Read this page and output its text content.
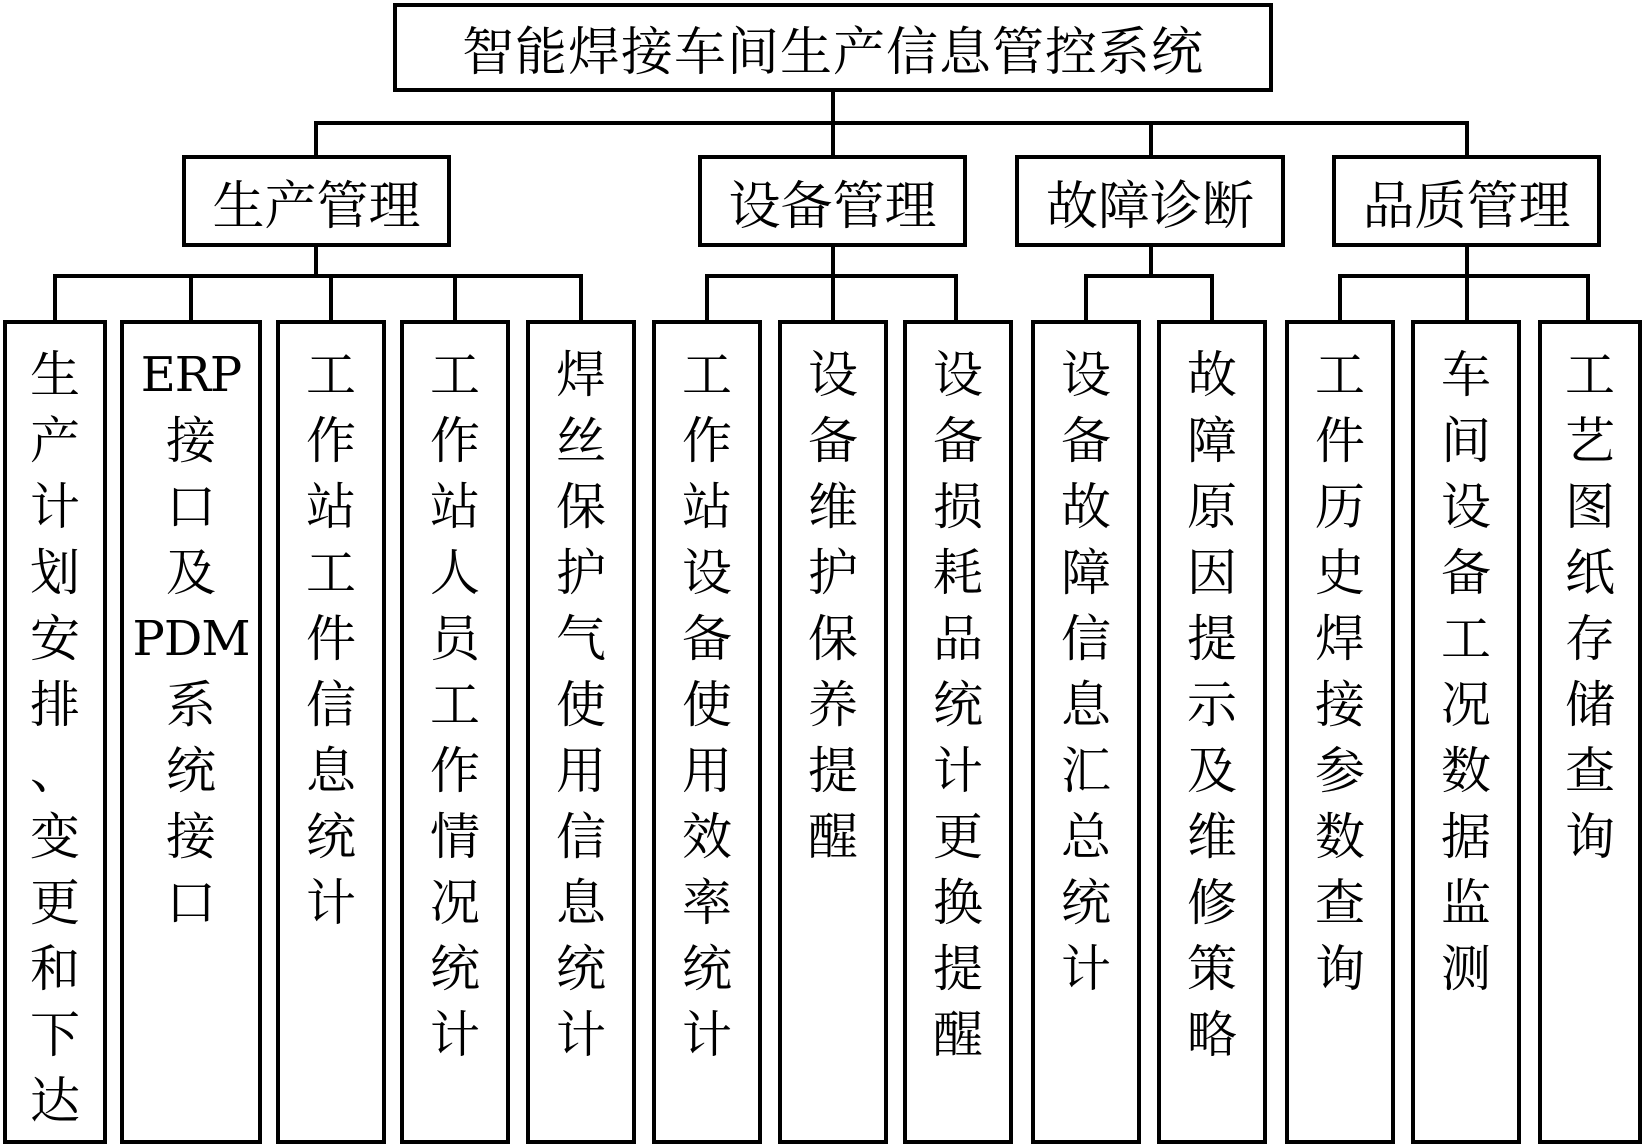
智能焊接车间生产信息管控系统
生产管理	设备管理 故障诊断 品质管理
生
产
计
划
安
排
、
变
更
和
下
达
ERP
接
口
及
PDM
系
统
接
口
工
作
站
工
件
信
息
统
计
工
作
站
人
员
工
作
情
况
统
计
焊
丝
保
护
气
使
用
信
息
统
计
工
作
站
设
备
使
用
效
率
统
计
设
备
维
护
保
养
提
醒
设
备
损
耗
品
统
计
更
换
提
醒
设
备
故
障
信
息
汇
总
统
计
故
障
原
因
提
示
及
维
修
策
略
工
件
历
史
焊
接
参
数
查
询
车
间
设
备
工
况
数
据
监
测
工
艺
图
纸
存
储
查
询
